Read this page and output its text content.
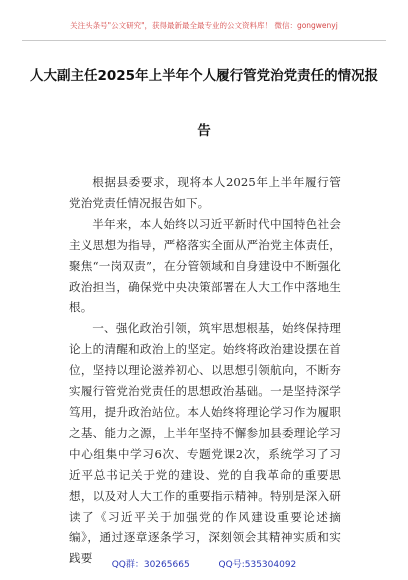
关注头条号"公文研究"，获得最新最全最专业的公文资料库！ 微信：gongwenyj
人大副主任2025年上半年个人履行管党治党责任的情况报
告

根据县委要求，现将本人2025年上半年履行管党治党责任情况报告如下。

半年来，本人始终以习近平新时代中国特色社会主义思想为指导，严格落实全面从严治党主体责任，聚焦“一岗双责”，在分管领域和自身建设中不断强化政治担当，确保党中央决策部署在人大工作中落地生根。

一、强化政治引领，筑牢思想根基，始终保持理论上的清醒和政治上的坚定。始终将政治建设摆在首位，坚持以理论滋养初心、以思想引领航向，不断夯实履行管党治党责任的思想政治基础。一是坚持深学笃用，提升政治站位。本人始终将理论学习作为履职之基、能力之源，上半年坚持不懈参加县委理论学习中心组集中学习6次、专题党课2次，系统学习了习近平总书记关于党的建设、党的自我革命的重要思想，以及对人大工作的重要指示精神。特别是深入研读了《习近平关于加强党的作风建设重要论述摘编》，通过逐章逐条学习，深刻领会其精神实质和实践要	QQ群：30265665	QQ号:535304092
